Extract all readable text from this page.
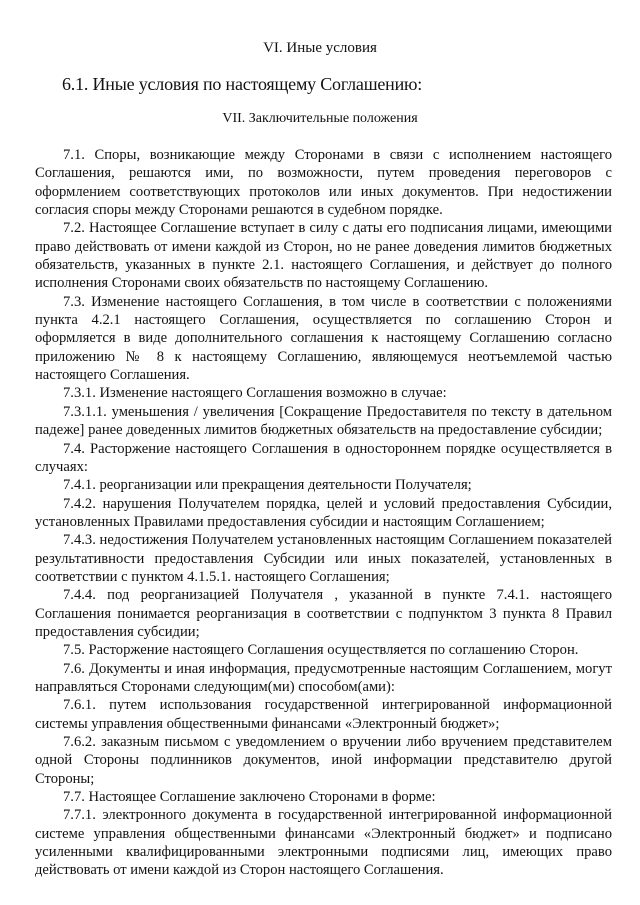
VI. Иные условия
6.1. Иные условия по настоящему Соглашению:
VII. Заключительные положения

7.1. Споры, возникающие между Сторонами в связи с исполнением настоящего Соглашения, решаются ими, по возможности, путем проведения переговоров с оформлением соответствующих протоколов или иных документов. При недостижении согласия споры между Сторонами решаются в судебном порядке.

7.2. Настоящее Соглашение вступает в силу с даты его подписания лицами, имеющими право действовать от имени каждой из Сторон, но не ранее доведения лимитов бюджетных обязательств, указанных в пункте 2.1. настоящего Соглашения, и действует до полного исполнения Сторонами своих обязательств по настоящему Соглашению.

7.3. Изменение настоящего Соглашения, в том числе в соответствии с положениями пункта 4.2.1 настоящего Соглашения, осуществляется по соглашению Сторон и оформляется в виде дополнительного соглашения к настоящему Соглашению согласно приложению № 8 к настоящему Соглашению, являющемуся неотъемлемой частью настоящего Соглашения.

7.3.1. Изменение настоящего Соглашения возможно в случае:

7.3.1.1. уменьшения / увеличения [Сокращение Предоставителя по тексту в дательном падеже] ранее доведенных лимитов бюджетных обязательств на предоставление субсидии;

7.4. Расторжение настоящего Соглашения в одностороннем порядке осуществляется в случаях:

7.4.1. реорганизации или прекращения деятельности Получателя;

7.4.2. нарушения Получателем порядка, целей и условий предоставления Субсидии, установленных Правилами предоставления субсидии и настоящим Соглашением;

7.4.3. недостижения Получателем установленных настоящим Соглашением показателей результативности предоставления Субсидии или иных показателей, установленных в соответствии с пунктом 4.1.5.1. настоящего Соглашения;

7.4.4. под реорганизацией Получателя , указанной в пункте 7.4.1. настоящего Соглашения понимается реорганизация в соответствии с подпунктом 3 пункта 8 Правил предоставления субсидии;

7.5. Расторжение настоящего Соглашения осуществляется по соглашению Сторон.

7.6. Документы и иная информация, предусмотренные настоящим Соглашением, могут направляться Сторонами следующим(ми) способом(ами):

7.6.1. путем использования государственной интегрированной информационной системы управления общественными финансами «Электронный бюджет»;

7.6.2. заказным письмом с уведомлением о вручении либо вручением представителем одной Стороны подлинников документов, иной информации представителю другой Стороны;

7.7. Настоящее Соглашение заключено Сторонами в форме:

7.7.1. электронного документа в государственной интегрированной информационной системе управления общественными финансами «Электронный бюджет» и подписано усиленными квалифицированными электронными подписями лиц, имеющих право действовать от имени каждой из Сторон настоящего Соглашения.
